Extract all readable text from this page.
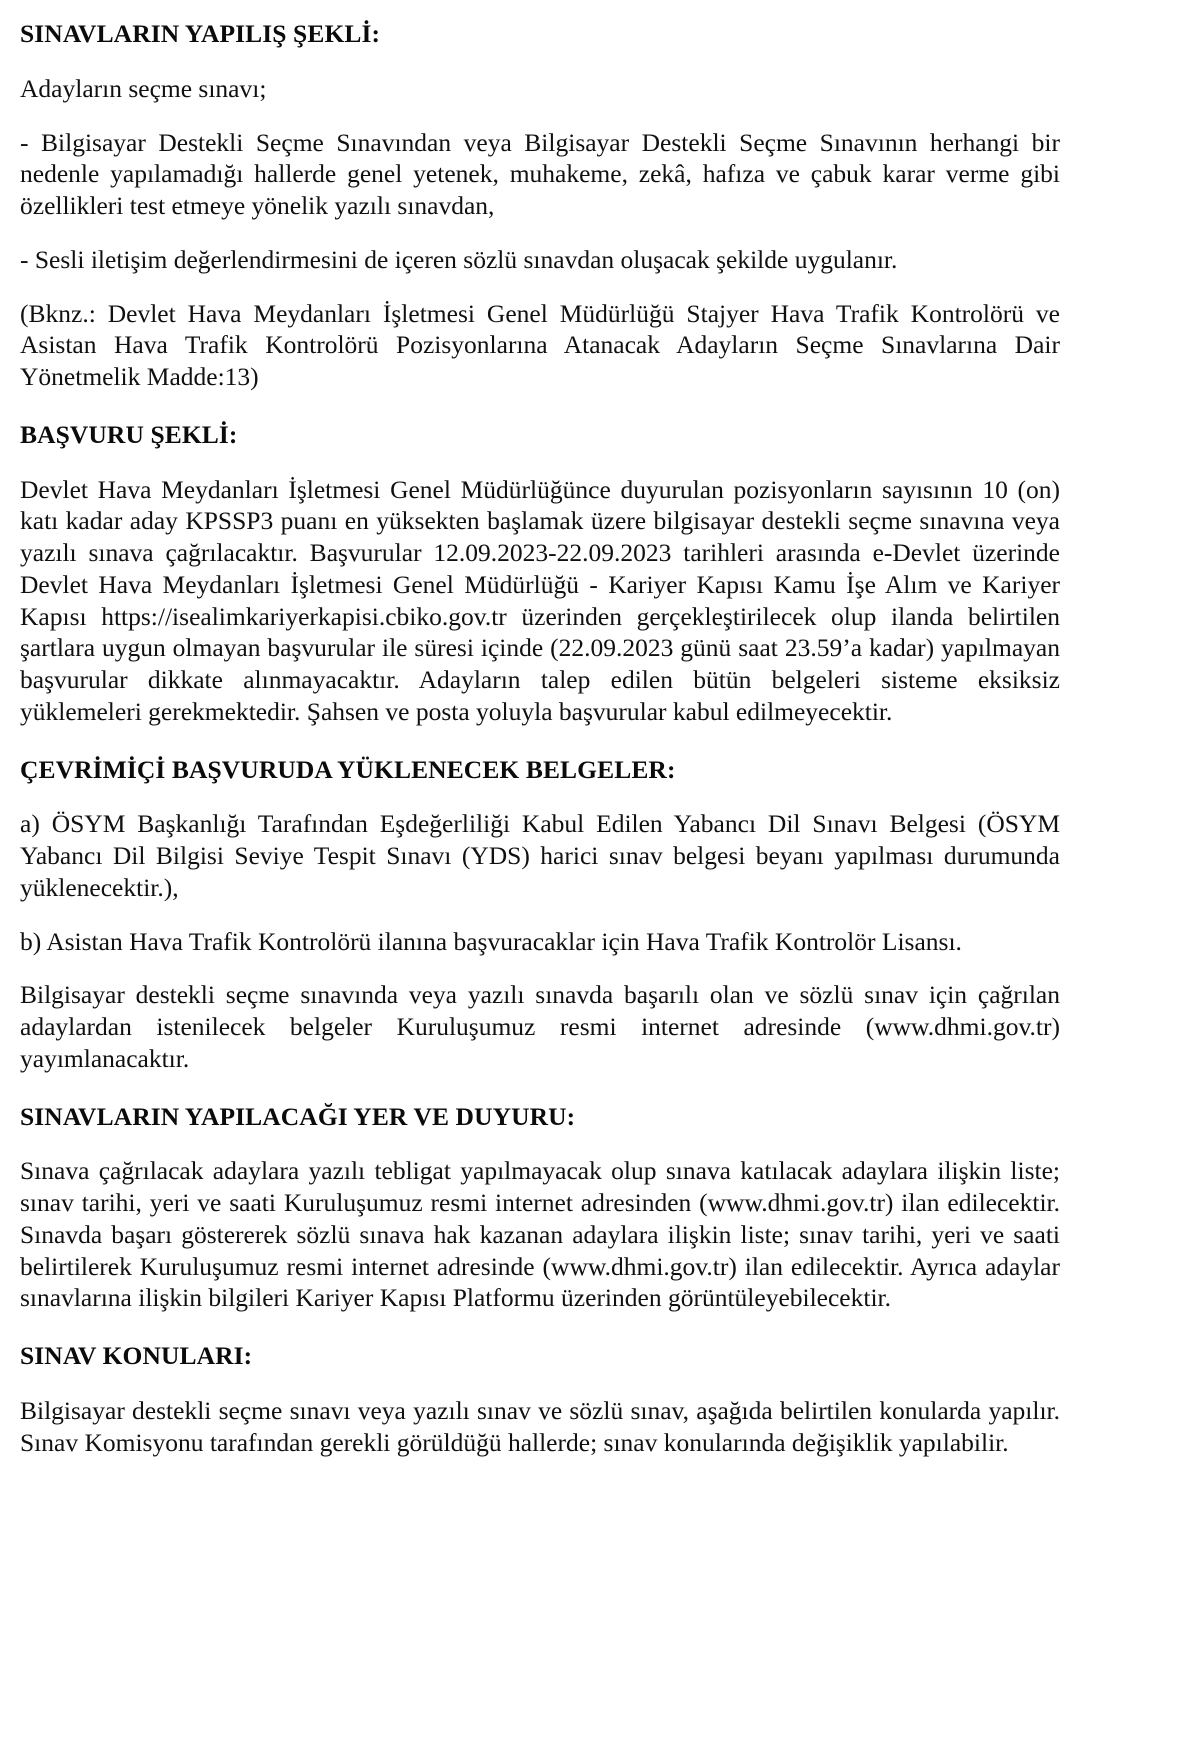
SINAVLARIN YAPILIŞ ŞEKLİ:

Adayların seçme sınavı;

- Bilgisayar Destekli Seçme Sınavından veya Bilgisayar Destekli Seçme Sınavının herhangi bir nedenle yapılamadığı hallerde genel yetenek, muhakeme, zekâ, hafıza ve çabuk karar verme gibi özellikleri test etmeye yönelik yazılı sınavdan,

- Sesli iletişim değerlendirmesini de içeren sözlü sınavdan oluşacak şekilde uygulanır.

(Bknz.: Devlet Hava Meydanları İşletmesi Genel Müdürlüğü Stajyer Hava Trafik Kontrolörü ve Asistan Hava Trafik Kontrolörü Pozisyonlarına Atanacak Adayların Seçme Sınavlarına Dair Yönetmelik Madde:13)

BAŞVURU ŞEKLİ:

Devlet Hava Meydanları İşletmesi Genel Müdürlüğünce duyurulan pozisyonların sayısının 10 (on) katı kadar aday KPSSP3 puanı en yüksekten başlamak üzere bilgisayar destekli seçme sınavına veya yazılı sınava çağrılacaktır. Başvurular 12.09.2023-22.09.2023 tarihleri arasında e-Devlet üzerinde Devlet Hava Meydanları İşletmesi Genel Müdürlüğü - Kariyer Kapısı Kamu İşe Alım ve Kariyer Kapısı https://isealimkariyerkapisi.cbiko.gov.tr üzerinden gerçekleştirilecek olup ilanda belirtilen şartlara uygun olmayan başvurular ile süresi içinde (22.09.2023 günü saat 23.59’a kadar) yapılmayan başvurular dikkate alınmayacaktır. Adayların talep edilen bütün belgeleri sisteme eksiksiz yüklemeleri gerekmektedir. Şahsen ve posta yoluyla başvurular kabul edilmeyecektir.

ÇEVRİMİÇİ BAŞVURUDA YÜKLENECEK BELGELER:

a) ÖSYM Başkanlığı Tarafından Eşdeğerliliği Kabul Edilen Yabancı Dil Sınavı Belgesi (ÖSYM Yabancı Dil Bilgisi Seviye Tespit Sınavı (YDS) harici sınav belgesi beyanı yapılması durumunda yüklenecektir.),

b) Asistan Hava Trafik Kontrolörü ilanına başvuracaklar için Hava Trafik Kontrolör Lisansı.

Bilgisayar destekli seçme sınavında veya yazılı sınavda başarılı olan ve sözlü sınav için çağrılan adaylardan istenilecek belgeler Kuruluşumuz resmi internet adresinde (www.dhmi.gov.tr) yayımlanacaktır.

SINAVLARIN YAPILACAĞI YER VE DUYURU:

Sınava çağrılacak adaylara yazılı tebligat yapılmayacak olup sınava katılacak adaylara ilişkin liste; sınav tarihi, yeri ve saati Kuruluşumuz resmi internet adresinden (www.dhmi.gov.tr) ilan edilecektir. Sınavda başarı göstererek sözlü sınava hak kazanan adaylara ilişkin liste; sınav tarihi, yeri ve saati belirtilerek Kuruluşumuz resmi internet adresinde (www.dhmi.gov.tr) ilan edilecektir. Ayrıca adaylar sınavlarına ilişkin bilgileri Kariyer Kapısı Platformu üzerinden görüntüleyebilecektir.

SINAV KONULARI:

Bilgisayar destekli seçme sınavı veya yazılı sınav ve sözlü sınav, aşağıda belirtilen konularda yapılır. Sınav Komisyonu tarafından gerekli görüldüğü hallerde; sınav konularında değişiklik yapılabilir.
